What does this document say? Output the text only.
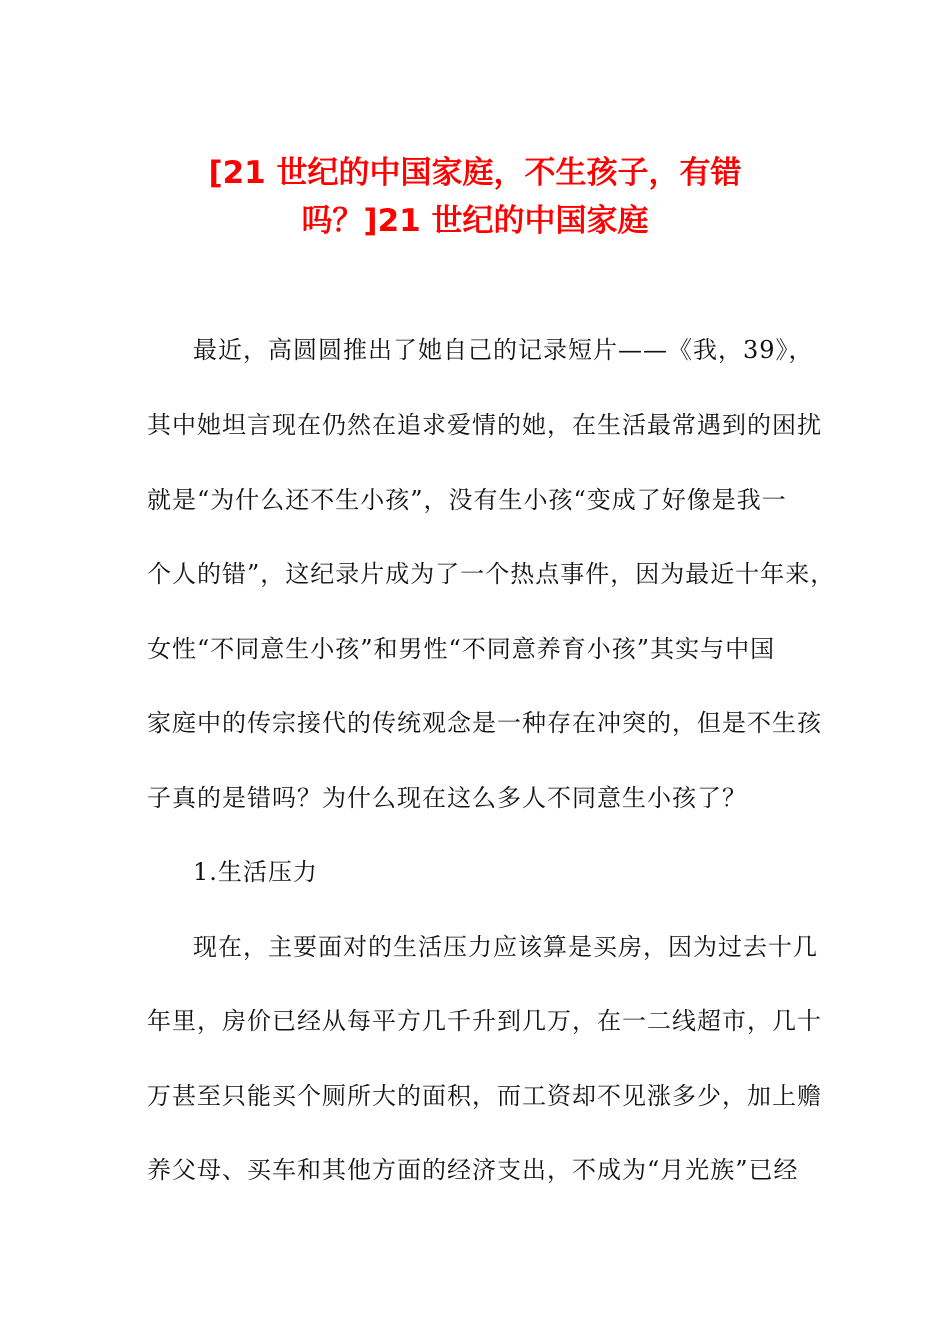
[21 世纪的中国家庭，不生孩子，有错
吗？]21 世纪的中国家庭

最近，高圆圆推出了她自己的记录短片——《我，39》，

其中她坦言现在仍然在追求爱情的她，在生活最常遇到的困扰

就是“为什么还不生小孩”，没有生小孩“变成了好像是我一

个人的错”，这纪录片成为了一个热点事件，因为最近十年来，

女性“不同意生小孩”和男性“不同意养育小孩”其实与中国

家庭中的传宗接代的传统观念是一种存在冲突的，但是不生孩

子真的是错吗？为什么现在这么多人不同意生小孩了？

1.生活压力

现在，主要面对的生活压力应该算是买房，因为过去十几

年里，房价已经从每平方几千升到几万，在一二线超市，几十

万甚至只能买个厕所大的面积，而工资却不见涨多少，加上赡

养父母、买车和其他方面的经济支出，不成为“月光族”已经
